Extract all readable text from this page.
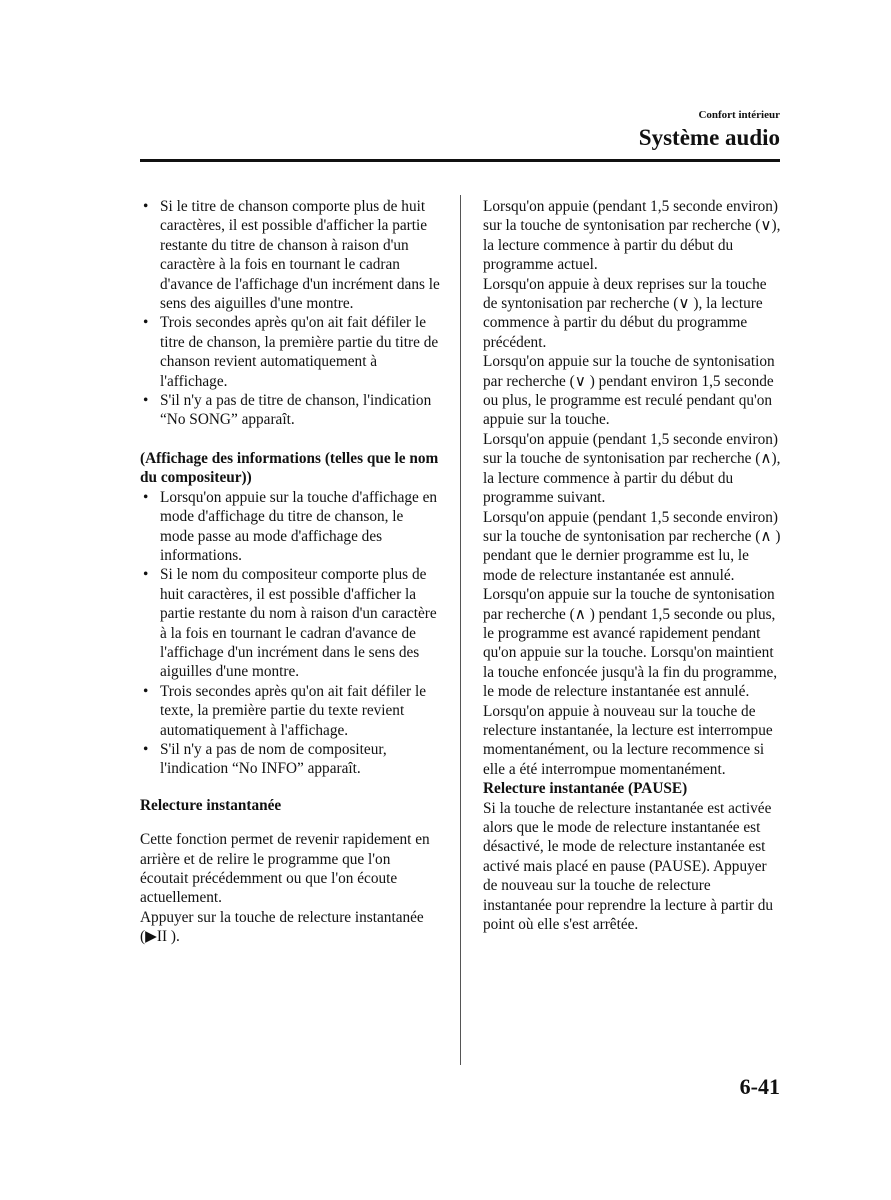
Confort intérieur
Système audio
• Si le titre de chanson comporte plus de huit caractères, il est possible d'afficher la partie restante du titre de chanson à raison d'un caractère à la fois en tournant le cadran d'avance de l'affichage d'un incrément dans le sens des aiguilles d'une montre.
• Trois secondes après qu'on ait fait défiler le titre de chanson, la première partie du titre de chanson revient automatiquement à l'affichage.
• S'il n'y a pas de titre de chanson, l'indication “No SONG” apparaît.

(Affichage des informations (telles que le nom du compositeur))

• Lorsqu'on appuie sur la touche d'affichage en mode d'affichage du titre de chanson, le mode passe au mode d'affichage des informations.
• Si le nom du compositeur comporte plus de huit caractères, il est possible d'afficher la partie restante du nom à raison d'un caractère à la fois en tournant le cadran d'avance de l'affichage d'un incrément dans le sens des aiguilles d'une montre.
• Trois secondes après qu'on ait fait défiler le texte, la première partie du texte revient automatiquement à l'affichage.
• S'il n'y a pas de nom de compositeur, l'indication “No INFO” apparaît.

Relecture instantanée

Cette fonction permet de revenir rapidement en arrière et de relire le programme que l'on écoutait précédemment ou que l'on écoute actuellement.

Appuyer sur la touche de relecture instantanée (▶II ).

Lorsqu'on appuie (pendant 1,5 seconde environ) sur la touche de syntonisation par recherche (∨), la lecture commence à partir du début du programme actuel.

Lorsqu'on appuie à deux reprises sur la touche de syntonisation par recherche (∨ ), la lecture commence à partir du début du programme précédent.

Lorsqu'on appuie sur la touche de syntonisation par recherche (∨ ) pendant environ 1,5 seconde ou plus, le programme est reculé pendant qu'on appuie sur la touche.

Lorsqu'on appuie (pendant 1,5 seconde environ) sur la touche de syntonisation par recherche (∧), la lecture commence à partir du début du programme suivant.

Lorsqu'on appuie (pendant 1,5 seconde environ) sur la touche de syntonisation par recherche (∧ ) pendant que le dernier programme est lu, le mode de relecture instantanée est annulé.

Lorsqu'on appuie sur la touche de syntonisation par recherche (∧ ) pendant 1,5 seconde ou plus, le programme est avancé rapidement pendant qu'on appuie sur la touche. Lorsqu'on maintient la touche enfoncée jusqu'à la fin du programme, le mode de relecture instantanée est annulé.

Lorsqu'on appuie à nouveau sur la touche de relecture instantanée, la lecture est interrompue momentanément, ou la lecture recommence si elle a été interrompue momentanément.

Relecture instantanée (PAUSE)

Si la touche de relecture instantanée est activée alors que le mode de relecture instantanée est désactivé, le mode de relecture instantanée est activé mais placé en pause (PAUSE). Appuyer de nouveau sur la touche de relecture instantanée pour reprendre la lecture à partir du point où elle s'est arrêtée.

6-41
